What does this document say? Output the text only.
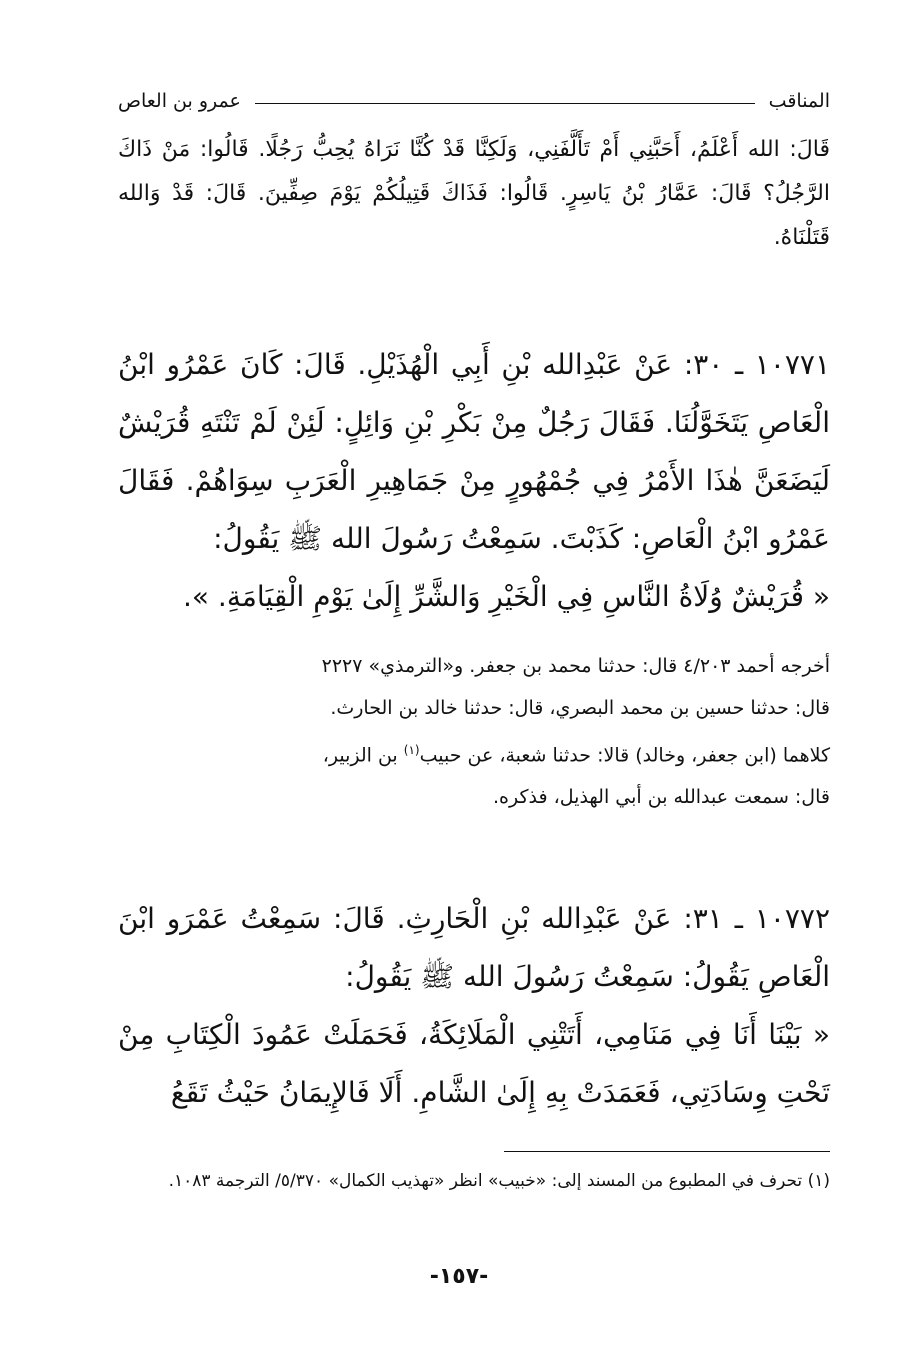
المناقب
عمرو بن العاص
قَالَ: الله أَعْلَمُ، أَحَبَّنِي أَمْ تَأَلَّفَنِي، وَلَكِنَّا قَدْ كُنَّا نَرَاهُ يُحِبُّ رَجُلًا. قَالُوا: مَنْ ذَاكَ الرَّجُلُ؟ قَالَ: عَمَّارُ بْنُ يَاسِرٍ. قَالُوا: فَذَاكَ قَتِيلُكُمْ يَوْمَ صِفِّينَ. قَالَ: قَدْ وَالله قَتَلْنَاهُ.
١٠٧٧١ ـ ٣٠: عَنْ عَبْدِالله بْنِ أَبِي الْهُذَيْلِ. قَالَ: كَانَ عَمْرُو ابْنُ الْعَاصِ يَتَخَوَّلُنَا. فَقَالَ رَجُلٌ مِنْ بَكْرِ بْنِ وَائِلٍ: لَئِنْ لَمْ تَنْتَهِ قُرَيْشٌ لَيَضَعَنَّ هٰذَا الأَمْرُ فِي جُمْهُورٍ مِنْ جَمَاهِيرِ الْعَرَبِ سِوَاهُمْ. فَقَالَ عَمْرُو ابْنُ الْعَاصِ: كَذَبْتَ. سَمِعْتُ رَسُولَ الله ﷺ يَقُولُ:
« قُرَيْشٌ وُلَاةُ النَّاسِ فِي الْخَيْرِ وَالشَّرِّ إِلَىٰ يَوْمِ الْقِيَامَةِ. ».
أخرجه أحمد ٤/٢٠٣ قال: حدثنا محمد بن جعفر. و«الترمذي» ٢٢٢٧
قال: حدثنا حسين بن محمد البصري، قال: حدثنا خالد بن الحارث.
كلاهما (ابن جعفر، وخالد) قالا: حدثنا شعبة، عن حبيب$^{(١)}$ بن الزبير،
قال: سمعت عبدالله بن أبي الهذيل، فذكره.
١٠٧٧٢ ـ ٣١: عَنْ عَبْدِالله بْنِ الْحَارِثِ. قَالَ: سَمِعْتُ عَمْرَو ابْنَ الْعَاصِ يَقُولُ: سَمِعْتُ رَسُولَ الله ﷺ يَقُولُ:
« بَيْنَا أَنَا فِي مَنَامِي، أَتَتْنِي الْمَلَائِكَةُ، فَحَمَلَتْ عَمُودَ الْكِتَابِ مِنْ تَحْتِ وِسَادَتِي، فَعَمَدَتْ بِهِ إِلَىٰ الشَّامِ. أَلَا فَالإِيمَانُ حَيْثُ تَقَعُ
(١) تحرف في المطبوع من المسند إلى: «خبيب» انظر «تهذيب الكمال» ٥/٣٧٠/ الترجمة ١٠٨٣.
-١٥٧-
